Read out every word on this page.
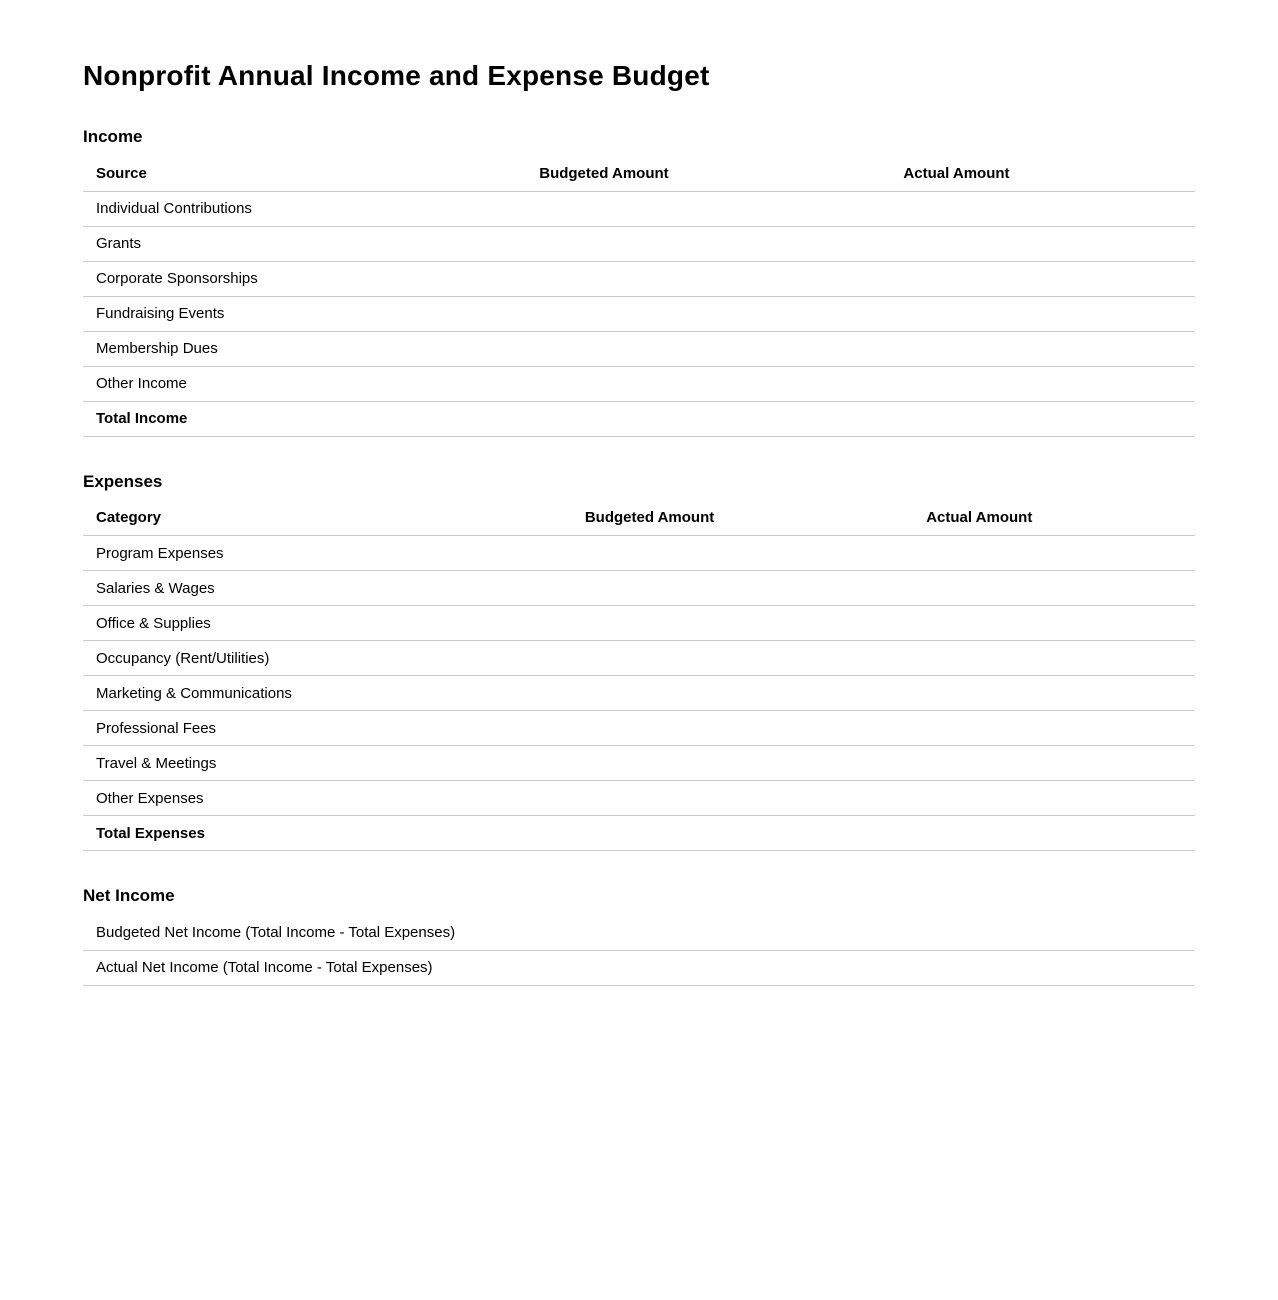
Nonprofit Annual Income and Expense Budget
Income
Source	Budgeted Amount	Actual Amount
Individual Contributions		
Grants		
Corporate Sponsorships		
Fundraising Events		
Membership Dues		
Other Income		
Total Income		
Expenses
Category	Budgeted Amount	Actual Amount
Program Expenses		
Salaries & Wages		
Office & Supplies		
Occupancy (Rent/Utilities)		
Marketing & Communications		
Professional Fees		
Travel & Meetings		
Other Expenses		
Total Expenses		
Net Income
Budgeted Net Income (Total Income - Total Expenses)
Actual Net Income (Total Income - Total Expenses)
